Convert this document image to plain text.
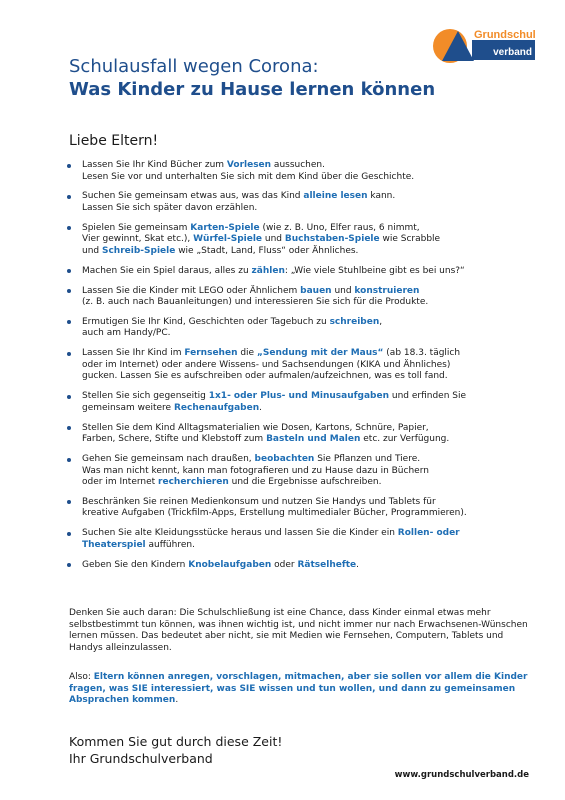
Grundschul
verband
Schulausfall wegen Corona:
Was Kinder zu Hause lernen können
Liebe Eltern!
Lassen Sie Ihr Kind Bücher zum Vorlesen aussuchen.
Lesen Sie vor und unterhalten Sie sich mit dem Kind über die Geschichte.
Suchen Sie gemeinsam etwas aus, was das Kind alleine lesen kann.
Lassen Sie sich später davon erzählen.
Spielen Sie gemeinsam Karten-Spiele (wie z. B. Uno, Elfer raus, 6 nimmt,
Vier gewinnt, Skat etc.), Würfel-Spiele und Buchstaben-Spiele wie Scrabble
und Schreib-Spiele wie „Stadt, Land, Fluss“ oder Ähnliches.
Machen Sie ein Spiel daraus, alles zu zählen: „Wie viele Stuhlbeine gibt es bei uns?“
Lassen Sie die Kinder mit LEGO oder Ähnlichem bauen und konstruieren
(z. B. auch nach Bauanleitungen) und interessieren Sie sich für die Produkte.
Ermutigen Sie Ihr Kind, Geschichten oder Tagebuch zu schreiben,
auch am Handy/PC.
Lassen Sie Ihr Kind im Fernsehen die „Sendung mit der Maus“ (ab 18.3. täglich
oder im Internet) oder andere Wissens- und Sachsendungen (KIKA und Ähnliches)
gucken. Lassen Sie es aufschreiben oder aufmalen/aufzeichnen, was es toll fand.
Stellen Sie sich gegenseitig 1x1- oder Plus- und Minusaufgaben und erfinden Sie
gemeinsam weitere Rechenaufgaben.
Stellen Sie dem Kind Alltagsmaterialien wie Dosen, Kartons, Schnüre, Papier,
Farben, Schere, Stifte und Klebstoff zum Basteln und Malen etc. zur Verfügung.
Gehen Sie gemeinsam nach draußen, beobachten Sie Pflanzen und Tiere.
Was man nicht kennt, kann man fotografieren und zu Hause dazu in Büchern
oder im Internet recherchieren und die Ergebnisse aufschreiben.
Beschränken Sie reinen Medienkonsum und nutzen Sie Handys und Tablets für
kreative Aufgaben (Trickfilm-Apps, Erstellung multimedialer Bücher, Programmieren).
Suchen Sie alte Kleidungsstücke heraus und lassen Sie die Kinder ein Rollen- oder
Theaterspiel aufführen.
Geben Sie den Kindern Knobelaufgaben oder Rätselhefte.
Denken Sie auch daran: Die Schulschließung ist eine Chance, dass Kinder einmal etwas mehr selbstbestimmt tun können, was ihnen wichtig ist, und nicht immer nur nach Erwachsenen-Wünschen lernen müssen. Das bedeutet aber nicht, sie mit Medien wie Fernsehen, Computern, Tablets und Handys alleinzulassen.
Also: Eltern können anregen, vorschlagen, mitmachen, aber sie sollen vor allem die Kinder fragen, was SIE interessiert, was SIE wissen und tun wollen, und dann zu gemeinsamen Absprachen kommen.
Kommen Sie gut durch diese Zeit!
Ihr Grundschulverband
www.grundschulverband.de
